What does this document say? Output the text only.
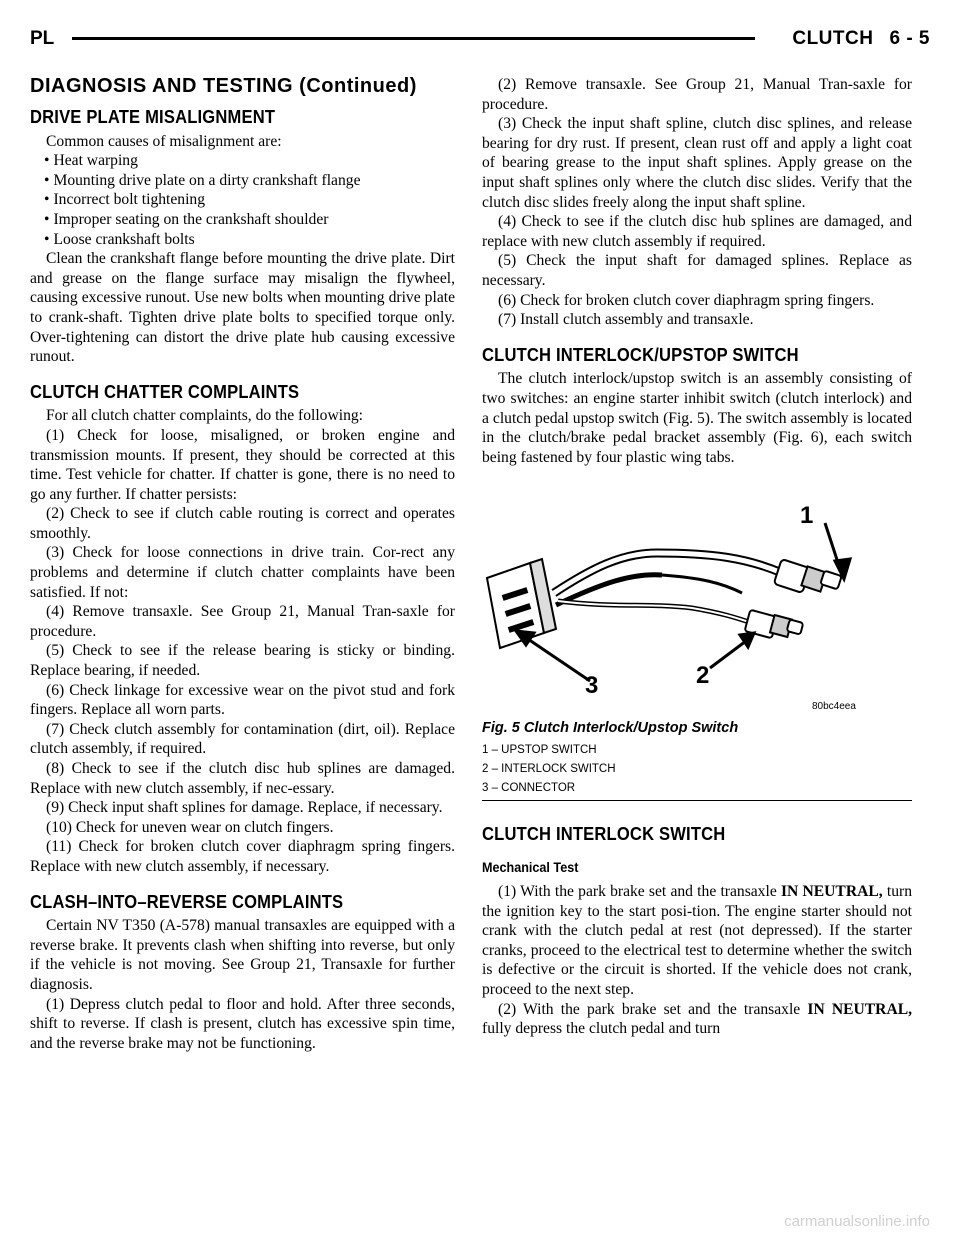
PL	CLUTCH 6 - 5
DIAGNOSIS AND TESTING (Continued)
DRIVE PLATE MISALIGNMENT

Common causes of misalignment are:

• Heat warping
• Mounting drive plate on a dirty crankshaft flange
• Incorrect bolt tightening
• Improper seating on the crankshaft shoulder
• Loose crankshaft bolts

Clean the crankshaft flange before mounting the drive plate. Dirt and grease on the flange surface may misalign the flywheel, causing excessive runout. Use new bolts when mounting drive plate to crank-shaft. Tighten drive plate bolts to specified torque only. Over-tightening can distort the drive plate hub causing excessive runout.

CLUTCH CHATTER COMPLAINTS

For all clutch chatter complaints, do the following:

(1) Check for loose, misaligned, or broken engine and transmission mounts. If present, they should be corrected at this time. Test vehicle for chatter. If chatter is gone, there is no need to go any further. If chatter persists:

(2) Check to see if clutch cable routing is correct and operates smoothly.

(3) Check for loose connections in drive train. Cor-rect any problems and determine if clutch chatter complaints have been satisfied. If not:

(4) Remove transaxle. See Group 21, Manual Tran-saxle for procedure.

(5) Check to see if the release bearing is sticky or binding. Replace bearing, if needed.

(6) Check linkage for excessive wear on the pivot stud and fork fingers. Replace all worn parts.

(7) Check clutch assembly for contamination (dirt, oil). Replace clutch assembly, if required.

(8) Check to see if the clutch disc hub splines are damaged. Replace with new clutch assembly, if nec-essary.

(9) Check input shaft splines for damage. Replace, if necessary.

(10) Check for uneven wear on clutch fingers.

(11) Check for broken clutch cover diaphragm spring fingers. Replace with new clutch assembly, if necessary.

CLASH–INTO–REVERSE COMPLAINTS

Certain NV T350 (A-578) manual transaxles are equipped with a reverse brake. It prevents clash when shifting into reverse, but only if the vehicle is not moving. See Group 21, Transaxle for further diagnosis.

(1) Depress clutch pedal to floor and hold. After three seconds, shift to reverse. If clash is present, clutch has excessive spin time, and the reverse brake may not be functioning.

(2) Remove transaxle. See Group 21, Manual Tran-saxle for procedure.

(3) Check the input shaft spline, clutch disc splines, and release bearing for dry rust. If present, clean rust off and apply a light coat of bearing grease to the input shaft splines. Apply grease on the input shaft splines only where the clutch disc slides. Verify that the clutch disc slides freely along the input shaft spline.

(4) Check to see if the clutch disc hub splines are damaged, and replace with new clutch assembly if required.

(5) Check the input shaft for damaged splines. Replace as necessary.

(6) Check for broken clutch cover diaphragm spring fingers.

(7) Install clutch assembly and transaxle.

CLUTCH INTERLOCK/UPSTOP SWITCH

The clutch interlock/upstop switch is an assembly consisting of two switches: an engine starter inhibit switch (clutch interlock) and a clutch pedal upstop switch (Fig. 5). The switch assembly is located in the clutch/brake pedal bracket assembly (Fig. 6), each switch being fastened by four plastic wing tabs.

1
2
3
80bc4eea
Fig. 5 Clutch Interlock/Upstop Switch
1 – UPSTOP SWITCH
2 – INTERLOCK SWITCH
3 – CONNECTOR
CLUTCH INTERLOCK SWITCH
Mechanical Test

(1) With the park brake set and the transaxle IN NEUTRAL, turn the ignition key to the start posi-tion. The engine starter should not crank with the clutch pedal at rest (not depressed). If the starter cranks, proceed to the electrical test to determine whether the switch is defective or the circuit is shorted. If the vehicle does not crank, proceed to the next step.

(2) With the park brake set and the transaxle IN NEUTRAL, fully depress the clutch pedal and turn

carmanualsonline.info
